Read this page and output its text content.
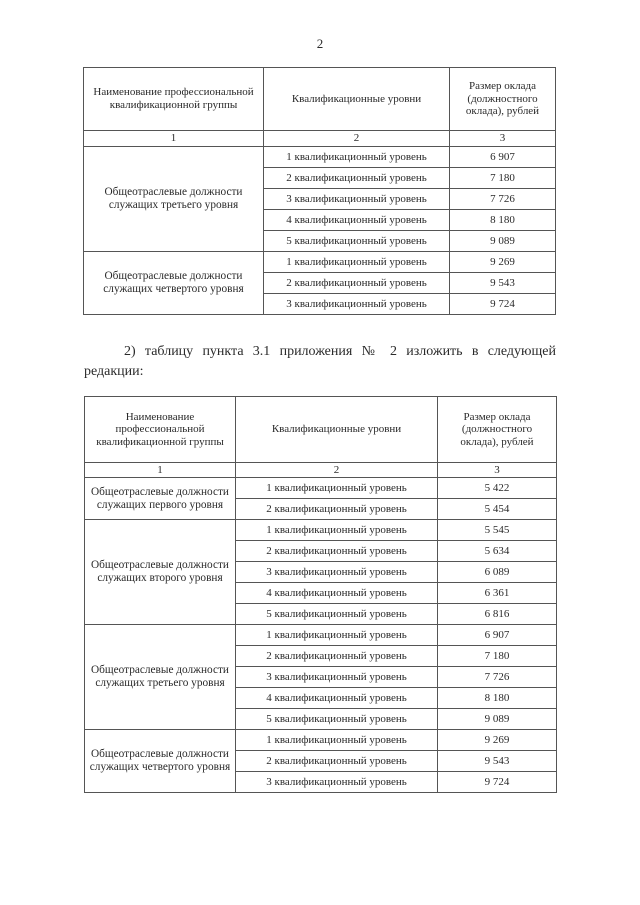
2
Наименование профессиональной квалификационной группы	Квалификационные уровни	Размер оклада (должностного оклада), рублей
1	2	3
Общеотраслевые должности служащих третьего уровня	1 квалификационный уровень	6 907
	2 квалификационный уровень	7 180
	3 квалификационный уровень	7 726
	4 квалификационный уровень	8 180
	5 квалификационный уровень	9 089
Общеотраслевые должности служащих четвертого уровня	1 квалификационный уровень	9 269
	2 квалификационный уровень	9 543
	3 квалификационный уровень	9 724

2) таблицу пункта 3.1 приложения № 2 изложить в следующей редакции:

Наименование профессиональной квалификационной группы	Квалификационные уровни	Размер оклада (должностного оклада), рублей
1	2	3
Общеотраслевые должности служащих первого уровня	1 квалификационный уровень	5 422
	2 квалификационный уровень	5 454
Общеотраслевые должности служащих второго уровня	1 квалификационный уровень	5 545
	2 квалификационный уровень	5 634
	3 квалификационный уровень	6 089
	4 квалификационный уровень	6 361
	5 квалификационный уровень	6 816
Общеотраслевые должности служащих третьего уровня	1 квалификационный уровень	6 907
	2 квалификационный уровень	7 180
	3 квалификационный уровень	7 726
	4 квалификационный уровень	8 180
	5 квалификационный уровень	9 089
Общеотраслевые должности служащих четвертого уровня	1 квалификационный уровень	9 269
	2 квалификационный уровень	9 543
	3 квалификационный уровень	9 724
